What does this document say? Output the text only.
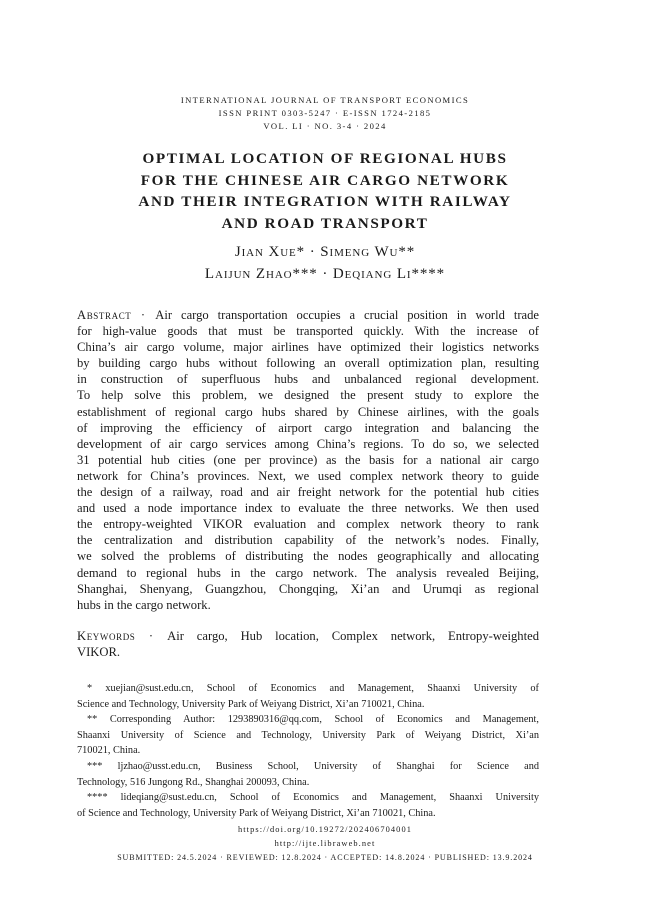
INTERNATIONAL JOURNAL OF TRANSPORT ECONOMICS
ISSN PRINT 0303-5247 · E-ISSN 1724-2185
VOL. LI · NO. 3-4 · 2024
OPTIMAL LOCATION OF REGIONAL HUBS
FOR THE CHINESE AIR CARGO NETWORK
AND THEIR INTEGRATION WITH RAILWAY
AND ROAD TRANSPORT
Jian Xue* · Simeng Wu**
Laijun Zhao*** · Deqiang Li****
Abstract · Air cargo transportation occupies a crucial position in world trade
for high-value goods that must be transported quickly. With the increase of
China’s air cargo volume, major airlines have optimized their logistics networks
by building cargo hubs without following an overall optimization plan, resulting
in construction of superfluous hubs and unbalanced regional development.
To help solve this problem, we designed the present study to explore the
establishment of regional cargo hubs shared by Chinese airlines, with the goals
of improving the efficiency of airport cargo integration and balancing the
development of air cargo services among China’s regions. To do so, we selected
31 potential hub cities (one per province) as the basis for a national air cargo
network for China’s provinces. Next, we used complex network theory to guide
the design of a railway, road and air freight network for the potential hub cities
and used a node importance index to evaluate the three networks. We then used
the entropy-weighted VIKOR evaluation and complex network theory to rank
the centralization and distribution capability of the network’s nodes. Finally,
we solved the problems of distributing the nodes geographically and allocating
demand to regional hubs in the cargo network. The analysis revealed Beijing,
Shanghai, Shenyang, Guangzhou, Chongqing, Xi’an and Urumqi as regional
hubs in the cargo network.
Keywords · Air cargo, Hub location, Complex network, Entropy-weighted
VIKOR.
* xuejian@sust.edu.cn, School of Economics and Management, Shaanxi University of
Science and Technology, University Park of Weiyang District, Xi’an 710021, China.
** Corresponding Author: 1293890316@qq.com, School of Economics and Management,
Shaanxi University of Science and Technology, University Park of Weiyang District, Xi’an
710021, China.
*** ljzhao@usst.edu.cn, Business School, University of Shanghai for Science and
Technology, 516 Jungong Rd., Shanghai 200093, China.
**** lideqiang@sust.edu.cn, School of Economics and Management, Shaanxi University
of Science and Technology, University Park of Weiyang District, Xi’an 710021, China.
https://doi.org/10.19272/202406704001
http://ijte.libraweb.net
SUBMITTED: 24.5.2024 · REVIEWED: 12.8.2024 · ACCEPTED: 14.8.2024 · PUBLISHED: 13.9.2024
